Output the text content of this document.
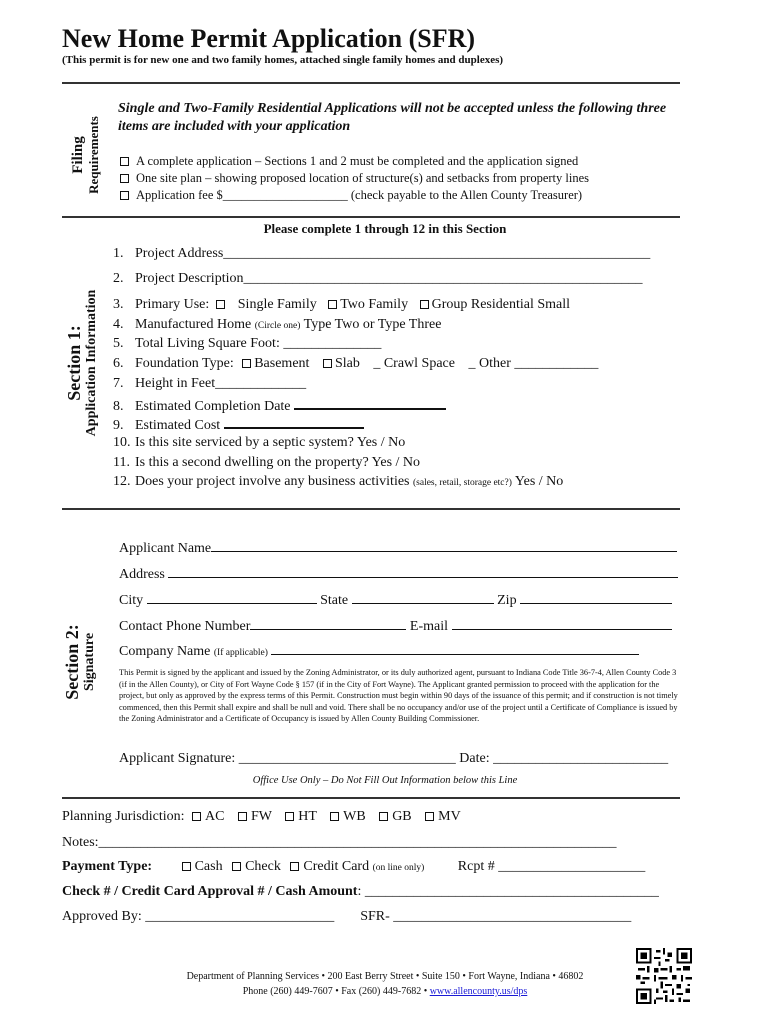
New Home Permit Application (SFR)
(This permit is for new one and two family homes, attached single family homes and duplexes)
Filing Requirements
Single and Two-Family Residential Applications will not be accepted unless the following three items are included with your application
A complete application – Sections 1 and 2 must be completed and the application signed
One site plan – showing proposed location of structure(s) and setbacks from property lines
Application fee $____________________ (check payable to the Allen County Treasurer)
Please complete 1 through 12 in this Section
Section 1: Application Information
1. Project Address_____________________________________________________________
2. Project Description_________________________________________________________
3. Primary Use: Single Family Two Family Group Residential Small
4. Manufactured Home (Circle one) Type Two or Type Three
5. Total Living Square Foot: ______________
6. Foundation Type: Basement Slab _ Crawl Space _ Other ____________
7. Height in Feet_____________
8. Estimated Completion Date
9. Estimated Cost
10. Is this site serviced by a septic system? Yes / No
11. Is this a second dwelling on the property? Yes / No
12. Does your project involve any business activities (sales, retail, storage etc?) Yes / No
Section 2: Signature
Applicant Name
Address
City	State	Zip
Contact Phone Number	E-mail
Company Name (If applicable)
This Permit is signed by the applicant and issued by the Zoning Administrator, or its duly authorized agent, pursuant to Indiana Code Title 36-7-4, Allen County Code 3 (if in the Allen County), or City of Fort Wayne Code § 157 (if in the City of Fort Wayne). The Applicant granted permission to proceed with the application for the project, but only as approved by the express terms of this Permit. Construction must begin within 90 days of the issuance of this permit; and if construction is not timely commenced, then this Permit shall expire and shall be null and void. There shall be no occupancy and/or use of the project until a Certificate of Compliance is issued by the Zoning Administrator and a Certificate of Occupancy is issued by Allen County Building Commissioner.
Applicant Signature: _______________________________ Date: _________________________
Office Use Only – Do Not Fill Out Information below this Line
Planning Jurisdiction: AC FW HT WB GB MV
Notes:__________________________________________________________________________
Payment Type:	Cash Check Credit Card (on line only) Rcpt # _____________________
Check # / Credit Card Approval # / Cash Amount: __________________________________________
Approved By: ___________________________ SFR- __________________________________
Department of Planning Services • 200 East Berry Street • Suite 150 • Fort Wayne, Indiana • 46802
Phone (260) 449-7607 • Fax (260) 449-7682 • www.allencounty.us/dps
